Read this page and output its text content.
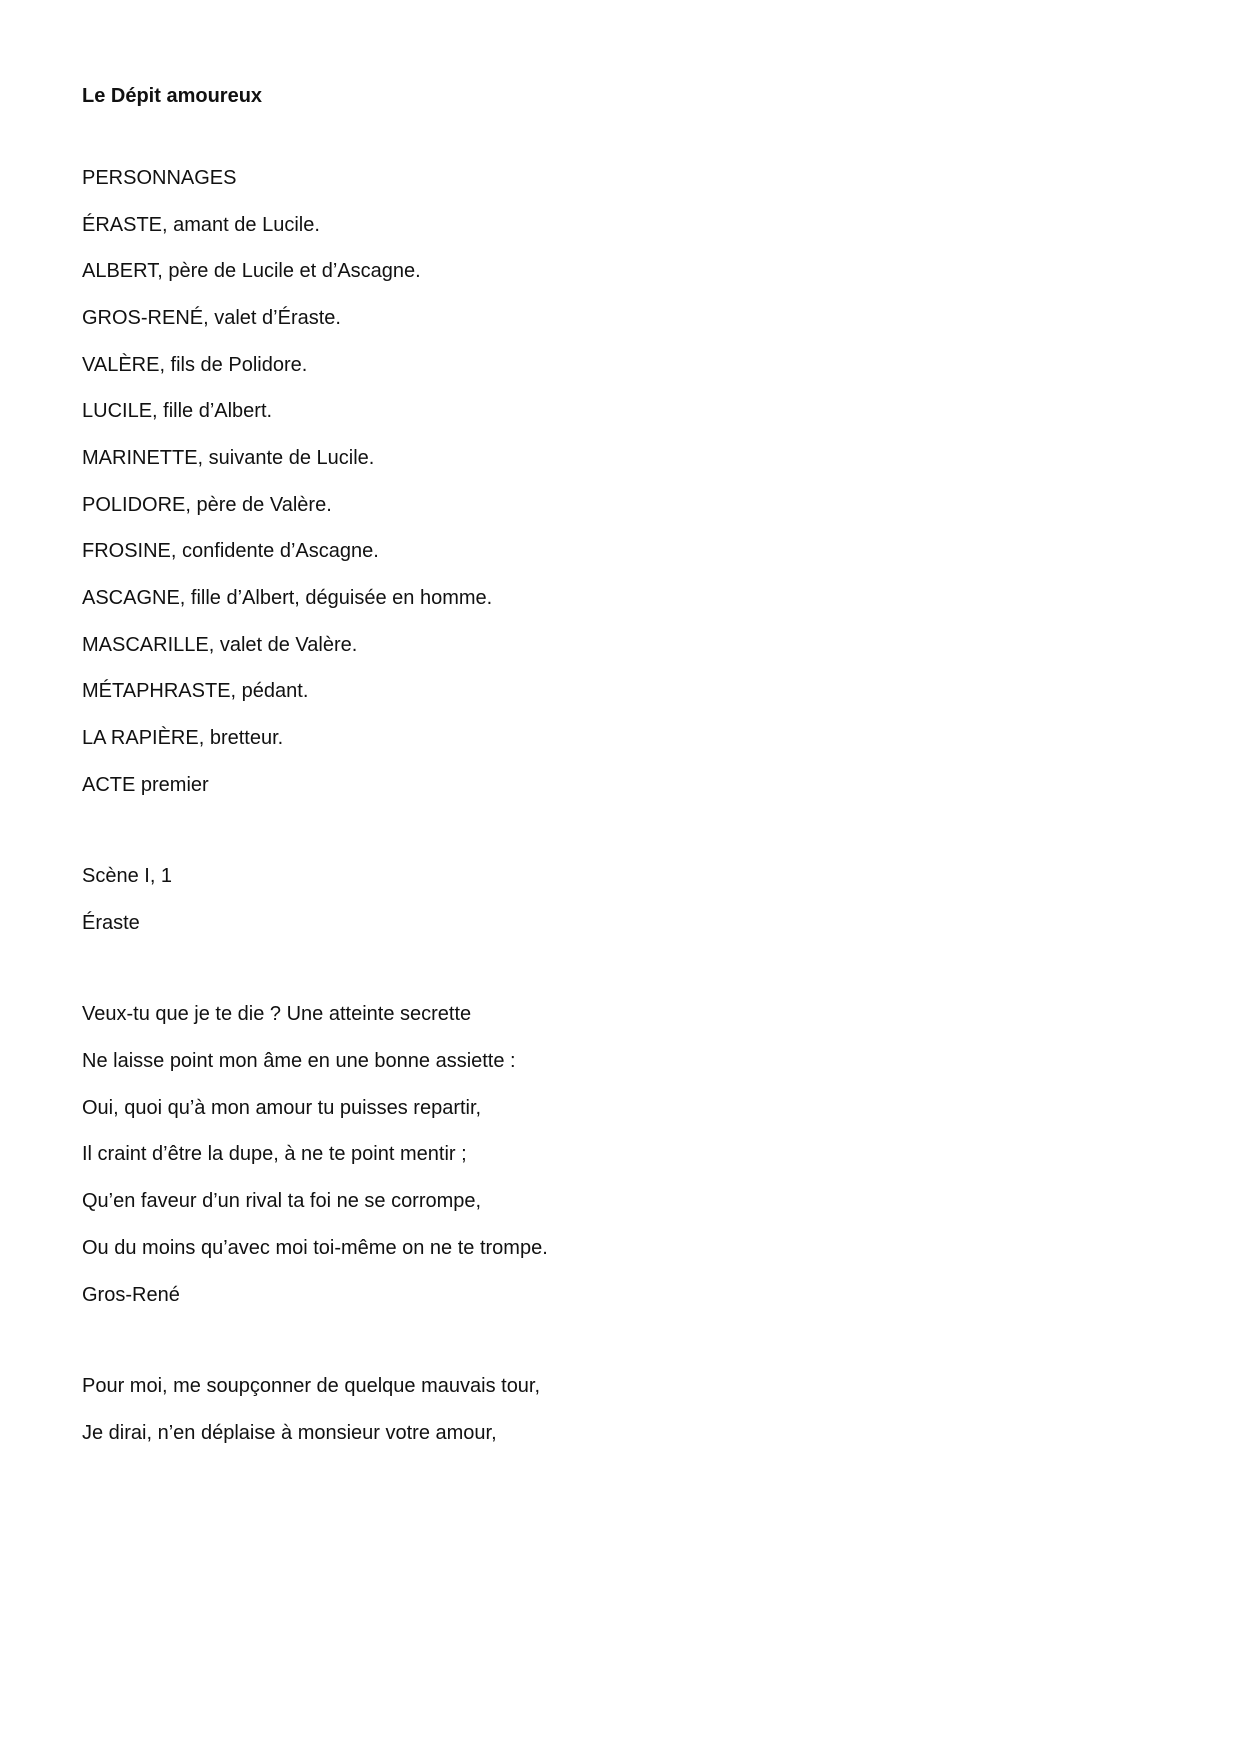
Le Dépit amoureux
PERSONNAGES
ÉRASTE, amant de Lucile.
ALBERT, père de Lucile et d’Ascagne.
GROS-RENÉ, valet d’Éraste.
VALÈRE, fils de Polidore.
LUCILE, fille d’Albert.
MARINETTE, suivante de Lucile.
POLIDORE, père de Valère.
FROSINE, confidente d’Ascagne.
ASCAGNE, fille d’Albert, déguisée en homme.
MASCARILLE, valet de Valère.
MÉTAPHRASTE, pédant.
LA RAPIÈRE, bretteur.
ACTE premier
Scène I, 1
Éraste
Veux-tu que je te die ? Une atteinte secrette
Ne laisse point mon âme en une bonne assiette :
Oui, quoi qu’à mon amour tu puisses repartir,
Il craint d’être la dupe, à ne te point mentir ;
Qu’en faveur d’un rival ta foi ne se corrompe,
Ou du moins qu’avec moi toi-même on ne te trompe.
Gros-René
Pour moi, me soupçonner de quelque mauvais tour,
Je dirai, n’en déplaise à monsieur votre amour,
